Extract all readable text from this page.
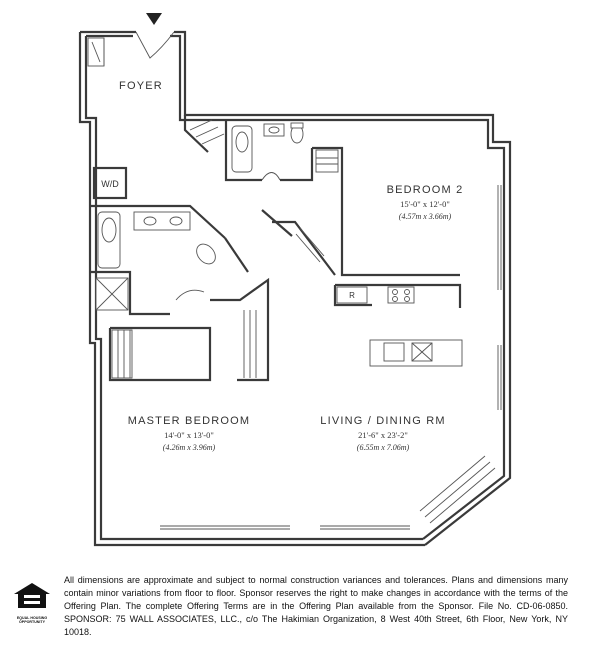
FOYER
W/D	BEDROOM 2
15'-0" x 12'-0"
(4.57m x 3.66m)
R
MASTER BEDROOM
14'-0" x 13'-0"
(4.26m x 3.96m)
LIVING / DINING RM
21'-6" x 23'-2"
(6.55m x 7.06m)
EQUAL HOUSING OPPORTUNITY

All dimensions are approximate and subject to normal construction variances and tolerances. Plans and dimensions many contain minor variations from floor to floor. Sponsor reserves the right to make changes in accordance with the terms of the Offering Plan. The complete Offering Terms are in the Offering Plan available from the Sponsor. File No. CD-06-0850. SPONSOR: 75 WALL ASSOCIATES, LLC., c/o The Hakimian Organization, 8 West 40th Street, 6th Floor, New York, NY 10018.
